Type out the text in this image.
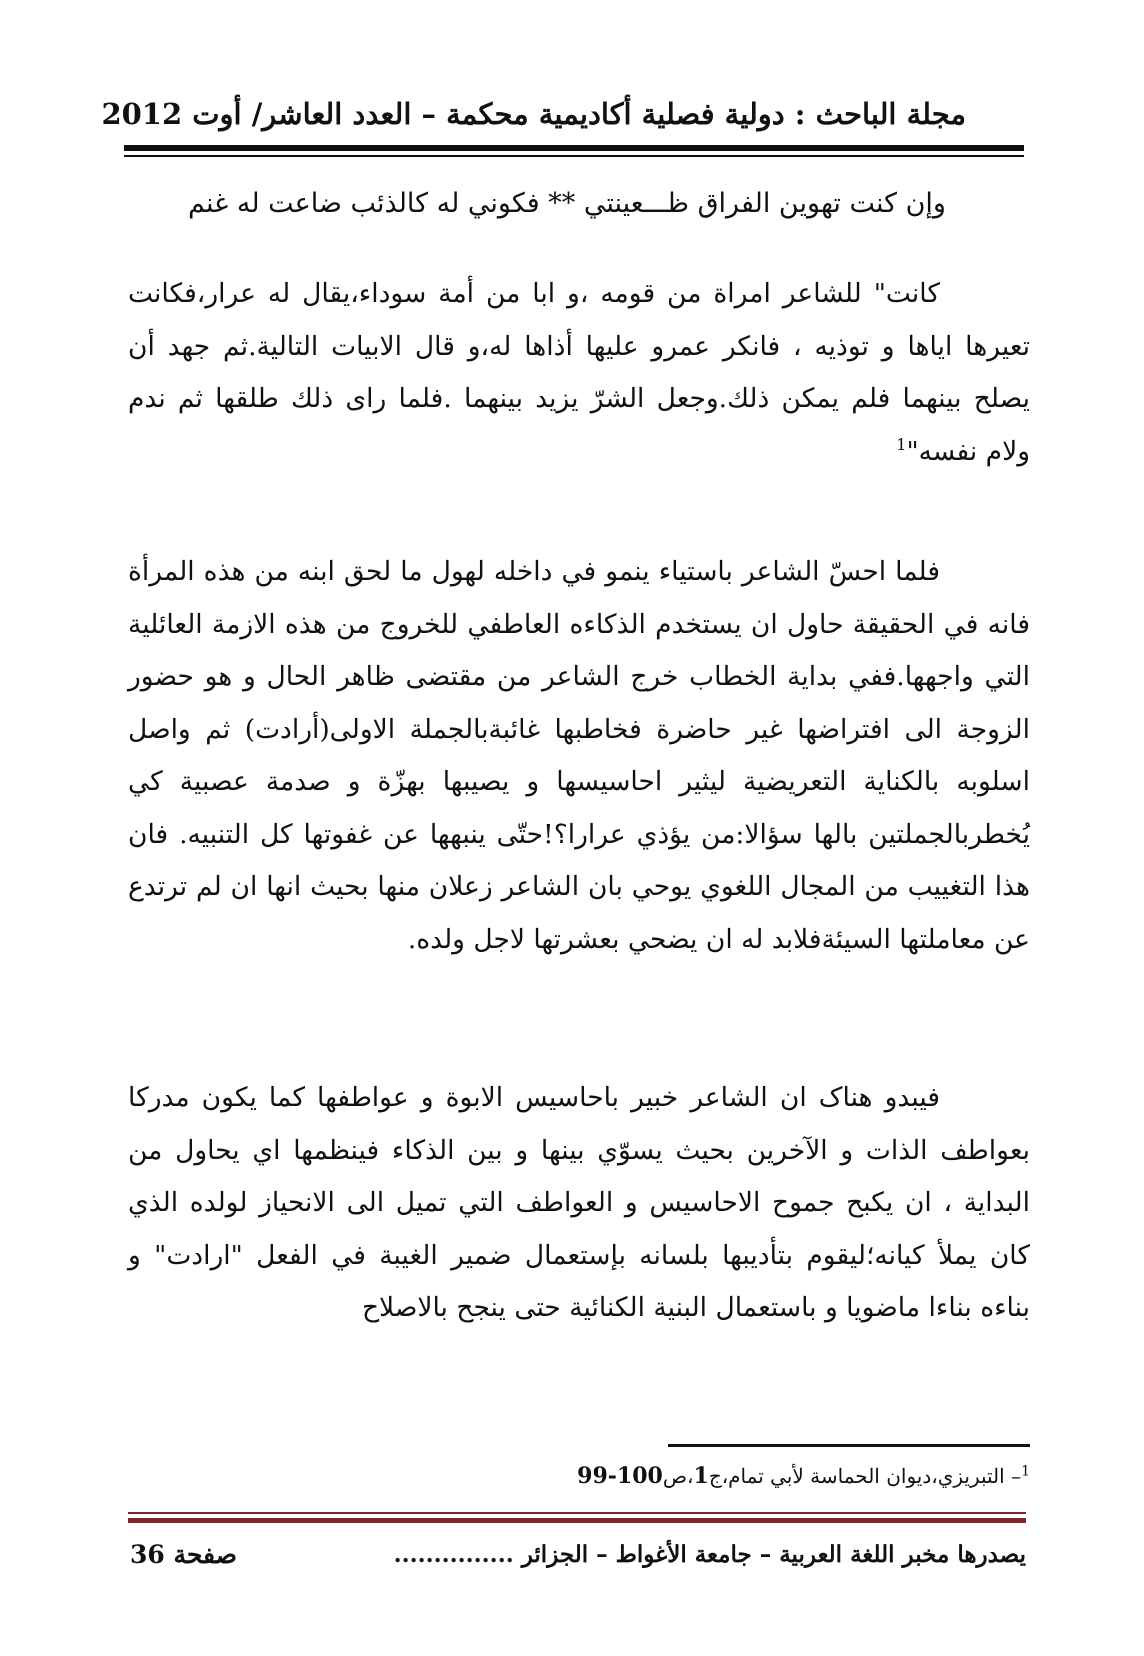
مجلة الباحث : دولية فصلية أكاديمية محكمة – العدد العاشر/ أوت 2012
وإن كنت تهوين الفراق ظـــعينتي ** فكوني له كالذئب ضاعت له غنم

كانت" للشاعر امراة من قومه ،و ابا من أمة سوداء،يقال له عرار،فكانت تعيرها اياها و توذيه ، فانكر عمرو عليها أذاها له،و قال الابيات التالية.ثم جهد أن يصلح بينهما فلم يمكن ذلك.وجعل الشرّ يزيد بينهما .فلما راى ذلك طلقها ثم ندم ولام نفسه"$^1$

فلما احسّ الشاعر باستياء ينمو في داخله لهول ما لحق ابنه من هذه المرأة فانه في الحقيقة حاول ان يستخدم الذكاءه العاطفي للخروج من هذه الازمة العائلية التي واجهها.ففي بداية الخطاب خرج الشاعر من مقتضى ظاهر الحال و هو حضور الزوجة الى افتراضها غير حاضرة فخاطبها غائبةبالجملة الاولى(أرادت) ثم واصل اسلوبه بالكناية التعريضية ليثير احاسيسها و يصيبها بهزّة و صدمة عصبية كي يُخطربالجملتين بالها سؤالا:من يؤذي عرارا؟!حتّى ينبهها عن غفوتها كل التنبيه. فان هذا التغييب من المجال اللغوي يوحي بان الشاعر زعلان منها بحيث انها ان لم ترتدع عن معاملتها السيئةفلابد له ان يضحي بعشرتها لاجل ولده.

فيبدو هناک ان الشاعر خبير باحاسيس الابوة و عواطفها كما يكون مدركا بعواطف الذات و الآخرين بحيث يسوّي بينها و بين الذكاء فينظمها اي يحاول من البداية ، ان يكبح جموح الاحاسيس و العواطف التي تميل الى الانحياز لولده الذي كان يملأ كيانه؛ليقوم بتأديبها بلسانه بإستعمال ضمير الغيبة في الفعل "ارادت" و بناءه بناءا ماضويا و باستعمال البنية الكنائية حتى ينجح بالاصلاح

$^1$– التبريزي،ديوان الحماسة لأبي تمام،ج1،ص100-99
يصدرها مخبر اللغة العربية – جامعة الأغواط – الجزائر ...............
صفحة 36
